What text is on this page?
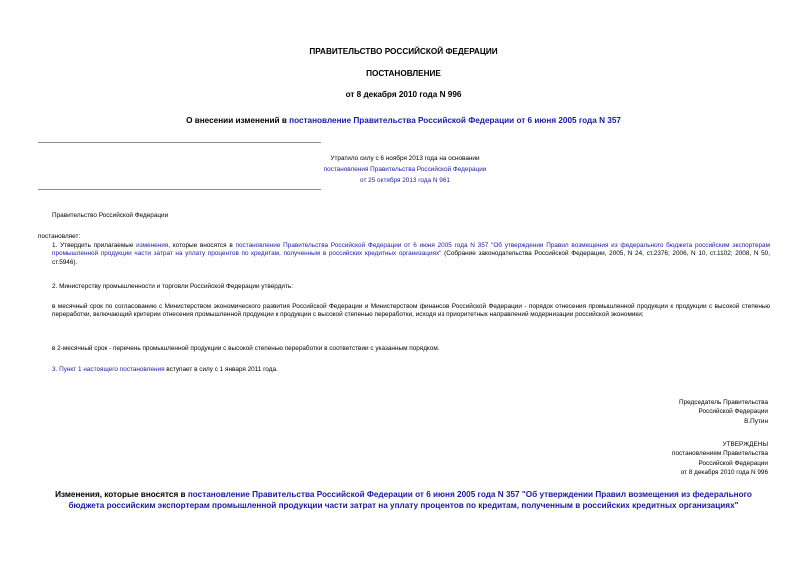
ПРАВИТЕЛЬСТВО РОССИЙСКОЙ ФЕДЕРАЦИИ
ПОСТАНОВЛЕНИЕ
от 8 декабря 2010 года N 996
О внесении изменений в постановление Правительства Российской Федерации от 6 июня 2005 года N 357
Утратило силу с 6 ноября 2013 года на основании
постановления Правительства Российской Федерации
от 25 октября 2013 года N 961
Правительство Российской Федерации
постановляет:
1. Утвердить прилагаемые изменения, которые вносятся в постановление Правительства Российской Федерации от 6 июня 2005 года N 357 "Об утверждении Правил возмещения из федерального бюджета российским экспортерам промышленной продукции части затрат на уплату процентов по кредитам, полученным в российских кредитных организациях" (Собрание законодательства Российской Федерации, 2005, N 24, ст.2376; 2006, N 10, ст.1102; 2008, N 50, ст.5946).
2. Министерству промышленности и торговли Российской Федерации утвердить:
в месячный срок по согласованию с Министерством экономического развития Российской Федерации и Министерством финансов Российской Федерации - порядок отнесения промышленной продукции к продукции с высокой степенью переработки, включающий критерии отнесения промышленной продукции к продукции с высокой степенью переработки, исходя из приоритетных направлений модернизации российской экономики;
в 2-месячный срок - перечень промышленной продукции с высокой степенью переработки в соответствии с указанным порядком.
3. Пункт 1 настоящего постановления вступает в силу с 1 января 2011 года.
Председатель Правительства
Российской Федерации
В.Путин
УТВЕРЖДЕНЫ
постановлением Правительства
Российской Федерации
от 8 декабря 2010 года N 996
Изменения, которые вносятся в постановление Правительства Российской Федерации от 6 июня 2005 года N 357 "Об утверждении Правил возмещения из федерального бюджета российским экспортерам промышленной продукции части затрат на уплату процентов по кредитам, полученным в российских кредитных организациях"
